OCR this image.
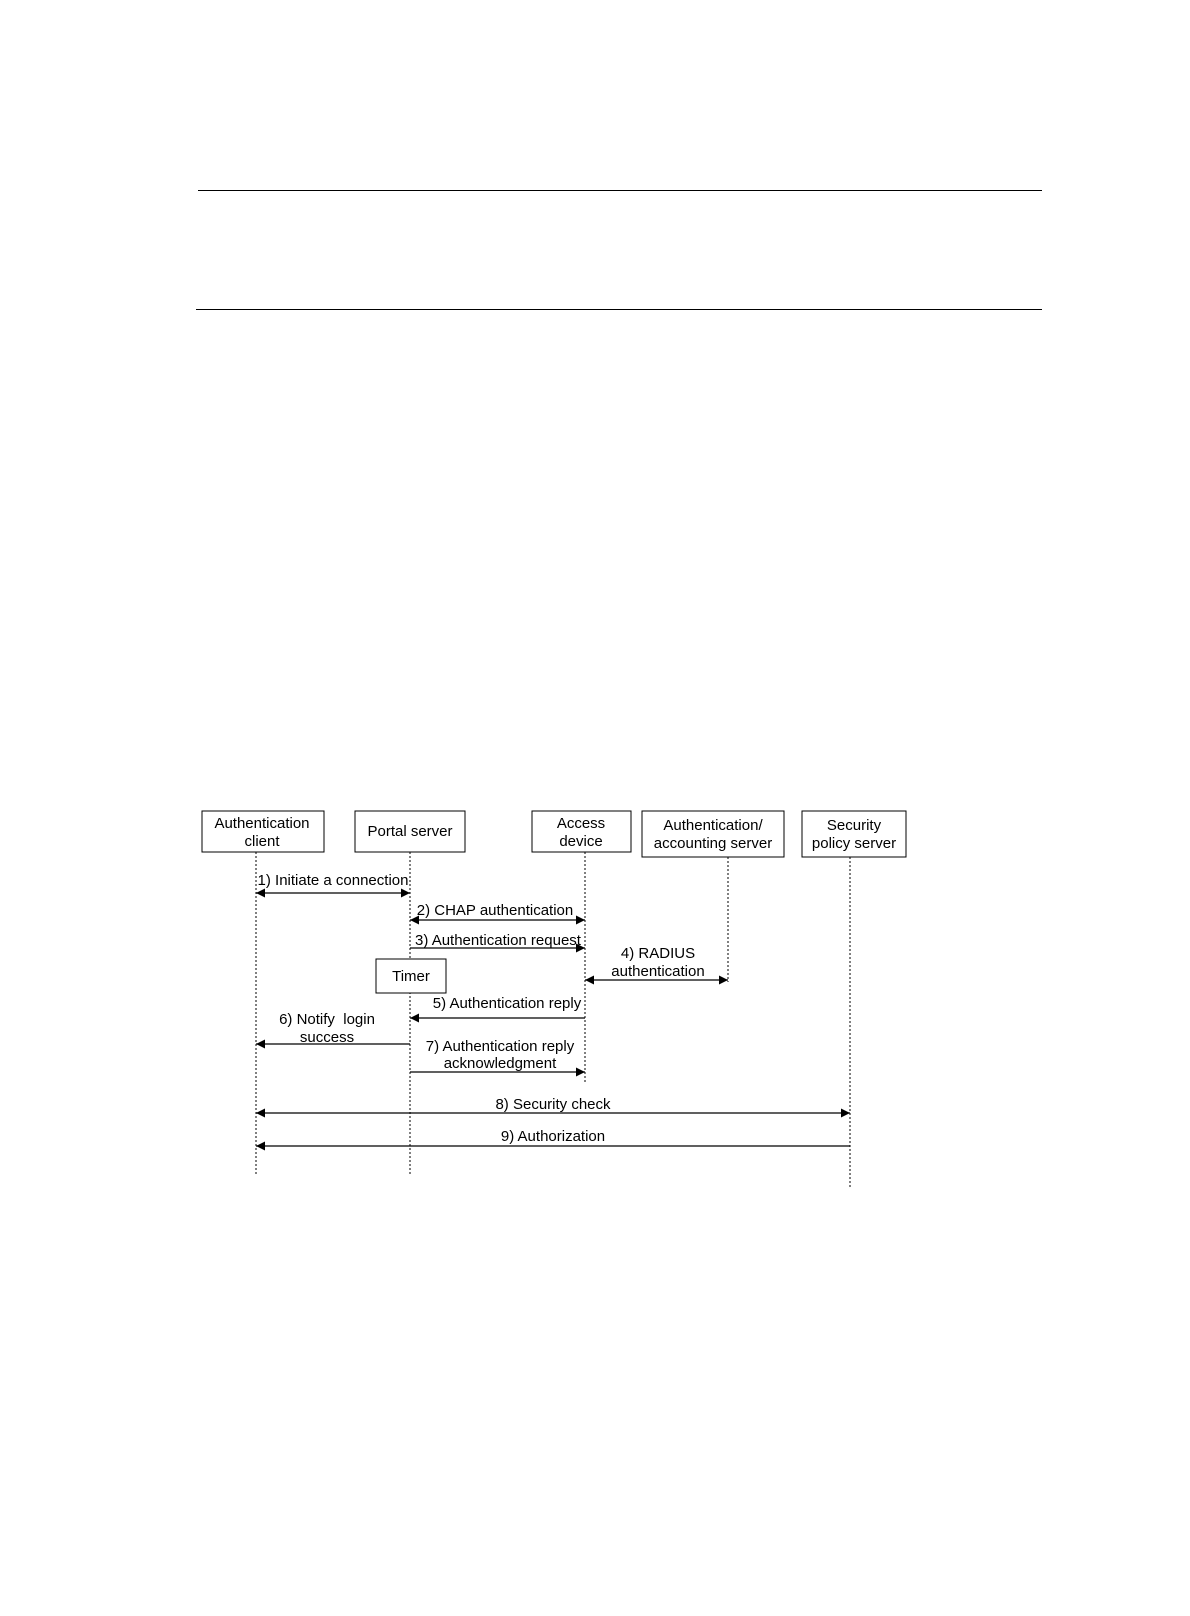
Authentication
client
Portal server	Access
device
Authentication/
accounting server
Security
policy server
Timer
1) Initiate a connection
2) CHAP authentication
3) Authentication request
4) RADIUS
authentication
5) Authentication reply
6) Notify  login
success
7) Authentication reply
acknowledgment
8) Security check
9) Authorization
